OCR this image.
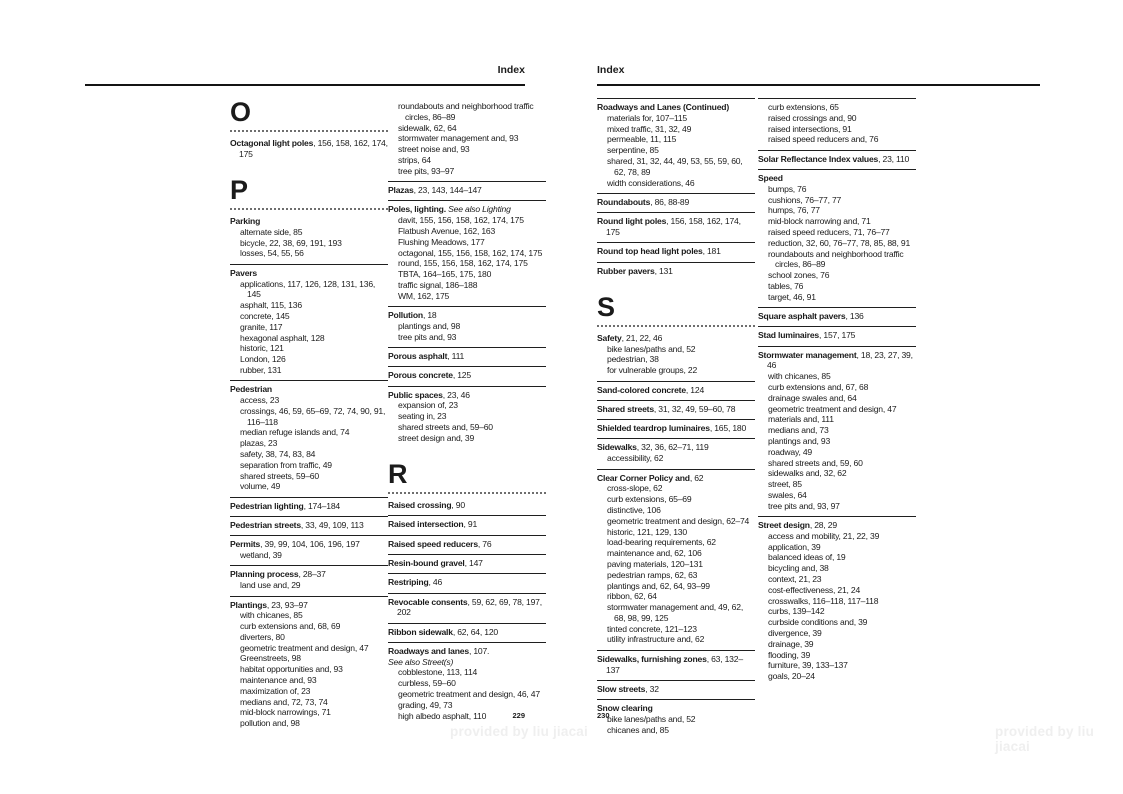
Index
O
Octagonal light poles, 156, 158, 162, 174, 175
P
Parking
alternate side, 85
bicycle, 22, 38, 69, 191, 193
losses, 54, 55, 56
Pavers
applications, 117, 126, 128, 131, 136, 145
asphalt, 115, 136
concrete, 145
granite, 117
hexagonal asphalt, 128
historic, 121
London, 126
rubber, 131
Pedestrian
access, 23
crossings, 46, 59, 65–69, 72, 74, 90, 91, 116–118
median refuge islands and, 74
plazas, 23
safety, 38, 74, 83, 84
separation from traffic, 49
shared streets, 59–60
volume, 49
Pedestrian lighting, 174–184
Pedestrian streets, 33, 49, 109, 113
Permits, 39, 99, 104, 106, 196, 197
wetland, 39
Planning process, 28–37
land use and, 29
Plantings, 23, 93–97
with chicanes, 85
curb extensions and, 68, 69
diverters, 80
geometric treatment and design, 47
Greenstreets, 98
habitat opportunities and, 93
maintenance and, 93
maximization of, 23
medians and, 72, 73, 74
mid-block narrowings, 71
pollution and, 98
roundabouts and neighborhood traffic circles, 86–89
sidewalk, 62, 64
stormwater management and, 93
street noise and, 93
strips, 64
tree pits, 93–97
Plazas, 23, 143, 144–147
Poles, lighting. See also Lighting
davit, 155, 156, 158, 162, 174, 175
Flatbush Avenue, 162, 163
Flushing Meadows, 177
octagonal, 155, 156, 158, 162, 174, 175
round, 155, 156, 158, 162, 174, 175
TBTA, 164–165, 175, 180
traffic signal, 186–188
WM, 162, 175
Pollution, 18
plantings and, 98
tree pits and, 93
Porous asphalt, 111
Porous concrete, 125
Public spaces, 23, 46
expansion of, 23
seating in, 23
shared streets and, 59–60
street design and, 39
R
Raised crossing, 90
Raised intersection, 91
Raised speed reducers, 76
Resin-bound gravel, 147
Restriping, 46
Revocable consents, 59, 62, 69, 78, 197, 202
Ribbon sidewalk, 62, 64, 120
Roadways and lanes, 107.
See also Street(s)
cobblestone, 113, 114
curbless, 59–60
geometric treatment and design, 46, 47
grading, 49, 73
high albedo asphalt, 110	229
Index
Roadways and Lanes (Continued)
materials for, 107–115
mixed traffic, 31, 32, 49
permeable, 11, 115
serpentine, 85
shared, 31, 32, 44, 49, 53, 55, 59, 60, 62, 78, 89
width considerations, 46
Roundabouts, 86, 88-89
Round light poles, 156, 158, 162, 174, 175
Round top head light poles, 181
Rubber pavers, 131
S
Safety, 21, 22, 46
bike lanes/paths and, 52
pedestrian, 38
for vulnerable groups, 22
Sand-colored concrete, 124
Shared streets, 31, 32, 49, 59–60, 78
Shielded teardrop luminaires, 165, 180
Sidewalks, 32, 36, 62–71, 119
accessibility, 62
Clear Corner Policy and, 62
cross-slope, 62
curb extensions, 65–69
distinctive, 106
geometric treatment and design, 62–74
historic, 121, 129, 130
load-bearing requirements, 62
maintenance and, 62, 106
paving materials, 120–131
pedestrian ramps, 62, 63
plantings and, 62, 64, 93–99
ribbon, 62, 64
stormwater management and, 49, 62, 68, 98, 99, 125
tinted concrete, 121–123
utility infrastructure and, 62
Sidewalks, furnishing zones, 63, 132–137
Slow streets, 32
Snow clearing
bike lanes/paths and, 52
chicanes and, 85
curb extensions, 65
raised crossings and, 90
raised intersections, 91
raised speed reducers and, 76
Solar Reflectance Index values, 23, 110
Speed
bumps, 76
cushions, 76–77, 77
humps, 76, 77
mid-block narrowing and, 71
raised speed reducers, 71, 76–77
reduction, 32, 60, 76–77, 78, 85, 88, 91
roundabouts and neighborhood traffic circles, 86–89
school zones, 76
tables, 76
target, 46, 91
Square asphalt pavers, 136
Stad luminaires, 157, 175
Stormwater management, 18, 23, 27, 39, 46
with chicanes, 85
curb extensions and, 67, 68
drainage swales and, 64
geometric treatment and design, 47
materials and, 111
medians and, 73
plantings and, 93
roadway, 49
shared streets and, 59, 60
sidewalks and, 32, 62
street, 85
swales, 64
tree pits and, 93, 97
Street design, 28, 29
access and mobility, 21, 22, 39
application, 39
balanced ideas of, 19
bicycling and, 38
context, 21, 23
cost-effectiveness, 21, 24
crosswalks, 116–118, 117–118
curbs, 139–142
curbside conditions and, 39
divergence, 39
drainage, 39
flooding, 39
furniture, 39, 133–137
goals, 20–24
230
provided by liu jiacai	provided by liu jiacai
